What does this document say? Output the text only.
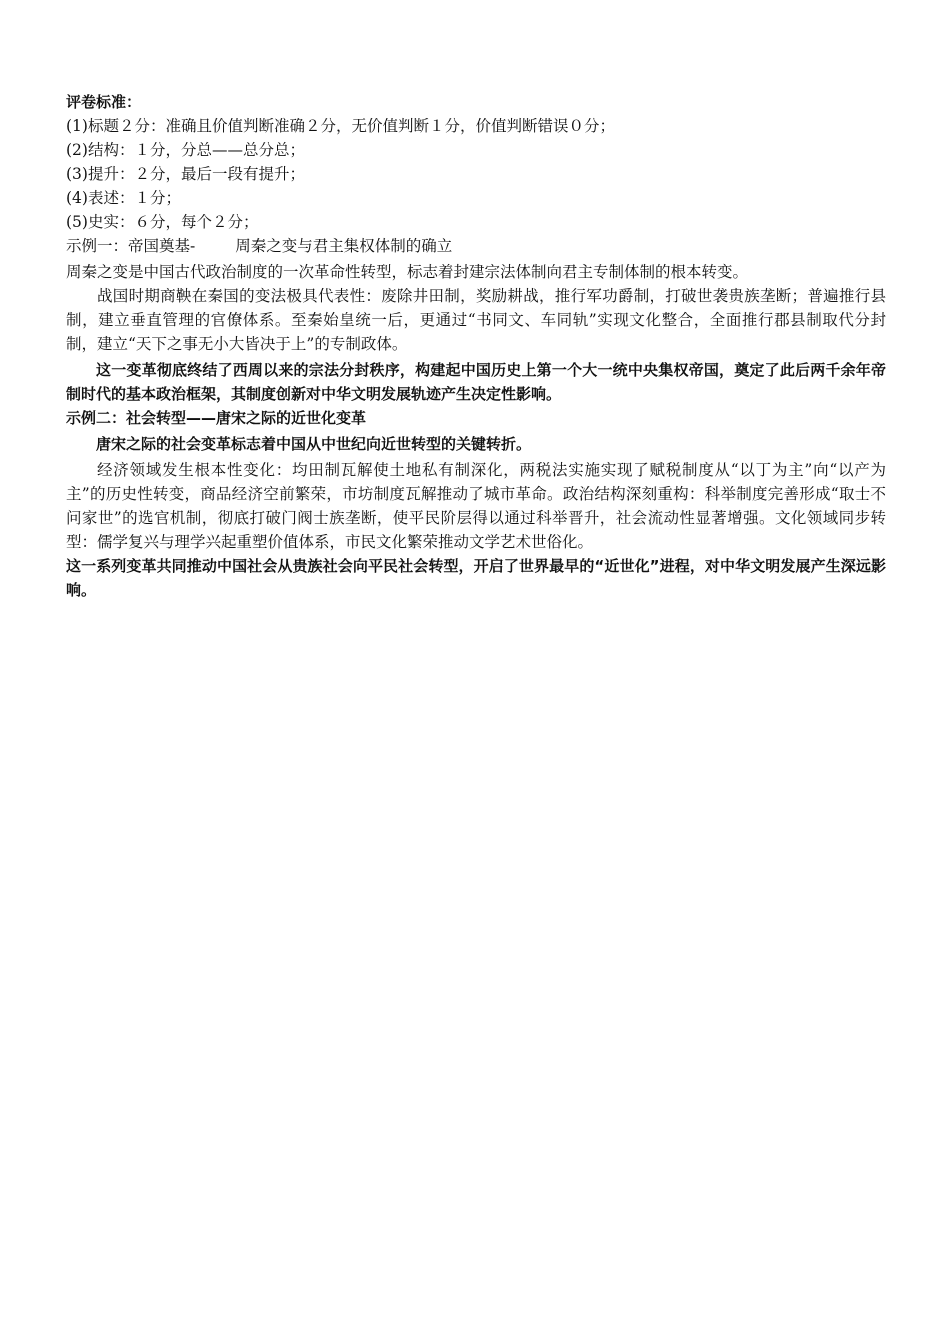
评卷标准：
(1)标题２分：准确且价值判断准确２分，无价值判断１分，价值判断错误０分；
(2)结构：１分，分总——总分总；
(3)提升：２分，最后一段有提升；
(4)表述：１分；
(5)史实：６分，每个２分；
示例一：帝国奠基-	周秦之变与君主集权体制的确立
周秦之变是中国古代政治制度的一次革命性转型，标志着封建宗法体制向君主专制体制的根本转变。
战国时期商鞅在秦国的变法极具代表性：废除井田制，奖励耕战，推行军功爵制，打破世袭贵族垄断；普遍推行县制，建立垂直管理的官僚体系。至秦始皇统一后，更通过“书同文、车同轨”实现文化整合，全面推行郡县制取代分封制，建立“天下之事无小大皆决于上”的专制政体。
这一变革彻底终结了西周以来的宗法分封秩序，构建起中国历史上第一个大一统中央集权帝国，奠定了此后两千余年帝制时代的基本政治框架，其制度创新对中华文明发展轨迹产生决定性影响。
示例二：社会转型——唐宋之际的近世化变革
唐宋之际的社会变革标志着中国从中世纪向近世转型的关键转折。
经济领域发生根本性变化：均田制瓦解使土地私有制深化，两税法实施实现了赋税制度从“以丁为主”向“以产为主”的历史性转变，商品经济空前繁荣，市坊制度瓦解推动了城市革命。政治结构深刻重构：科举制度完善形成“取士不问家世”的选官机制，彻底打破门阀士族垄断，使平民阶层得以通过科举晋升，社会流动性显著增强。文化领域同步转型：儒学复兴与理学兴起重塑价值体系，市民文化繁荣推动文学艺术世俗化。
这一系列变革共同推动中国社会从贵族社会向平民社会转型，开启了世界最早的“近世化”进程，对中华文明发展产生深远影响。
